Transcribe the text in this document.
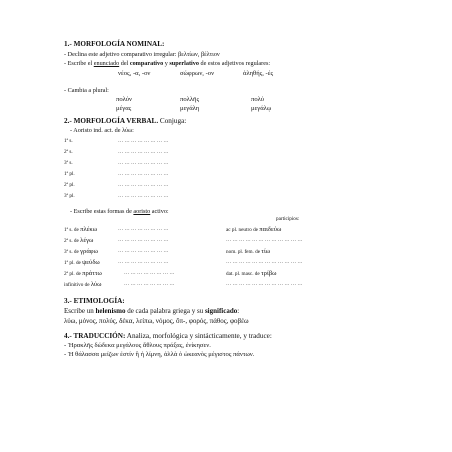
1.- MORFOLOGÍA NOMINAL:
- Declina este adjetivo comparativo irregular: βελτίων, βέλτιον
- Escribe el enunciado del comparativo y superlativo de estos adjetivos regulares:
νέος, -α, -ον	σώφρων, -ον	ἀληθής, -ές
- Cambia a plural:
πολύν	πολλῆς	πολύ
μέγας	μεγάλη	μεγάλῳ
2.- MORFOLOGÍA VERBAL. Conjuga:
- Aoristo ind. act. de λύω:
1ª s.	… … … … … … … …
2ª s.	… … … … … … … …
3ª s.	… … … … … … … …
1ª pl.	… … … … … … … …
2ª pl.	… … … … … … … …
3ª pl.	… … … … … … … …
- Escribe estas formas de aoristo activo:
participios:
1ª s. de πλέκω	… … … … … … … …	ac pl. neutro de παιδεύω
2ª s. de λέγω	… … … … … … … …	… … … … … … … … … … … …
3ª s. de γράφω	… … … … … … … …	nom. pl. fem. de τίω
1ª pl. de ψεύδω	… … … … … … … …	… … … … … … … … … … … …
2ª pl. de πράττω	… … … … … … … …	dat. pl. masc. de τρίβω
infinitivo de λύω	… … … … … … … …	… … … … … … … … … … … …
3.- ETIMOLOGÍA:
Escribe un helenismo de cada palabra griega y su significado:
λύω, μόνος, πολύς, δέκα, λείπω, νόμος, ὄπ-, φορός, πάθος, φοβέω
4.- TRADUCCIÓN: Analiza, morfológica y sintácticamente, y traduce:
- Ἡρακλῆς δώδεκα μεγάλους ἄθλους πράξας, ἐνίκησεν.
- Ἡ θάλασσα μείζων ἐστίν ἢ ἡ λίμνη, ἀλλὰ ὁ ὠκεανὸς μέγιστος πάντων.
